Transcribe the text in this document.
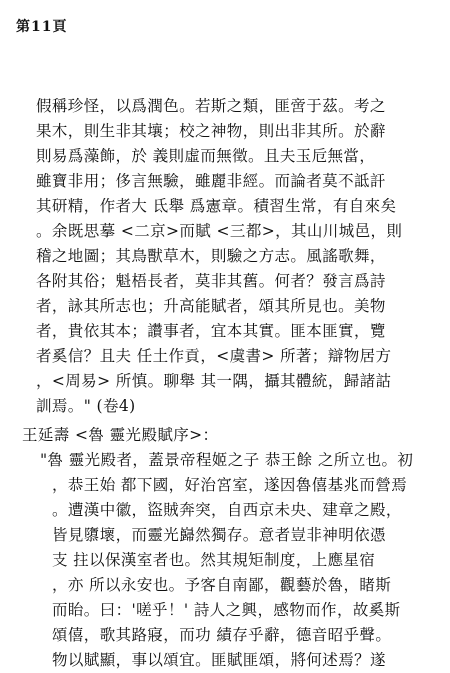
第11頁
假稱珍怪，以爲潤色。若斯之類，匪啻于茲。考之
果木，則生非其壤；校之神物，則出非其所。於辭
則易爲藻飾，於 義則虛而無徵。且夫玉卮無當，
雖寶非用；侈言無驗，雖麗非經。而論者莫不詆訐
其研精，作者大 氐舉 爲憲章。積習生常，有自來矣
。余既思摹 <二京>而賦 <三都>，其山川城邑，則
稽之地圖；其鳥獸草木，則驗之方志。風謠歌舞，
各附其俗；魁梧長者，莫非其舊。何者？發言爲詩
者，詠其所志也；升高能賦者，頌其所見也。美物
者，貴依其本；讚事者，宜本其實。匪本匪實，覽
者奚信？且夫 任土作貢，<虞書> 所著；辯物居方
，<周易> 所慎。聊舉 其一隅，攝其體統，歸諸詁
訓焉。" (卷4)
王延壽 <魯 靈光殿賦序>：
"魯 靈光殿者，蓋景帝程姬之子 恭王餘 之所立也。初
，恭王始 都下國，好治宮室，遂因魯僖基兆而營焉
。遭漢中徽，盜賊奔突，自西京未央、建章之殿，
皆見隳壞，而靈光巋然獨存。意者豈非神明依憑
支 拄以保漢室者也。然其規矩制度，上應星宿
，亦 所以永安也。予客自南鄙，觀藝於魯，睹斯
而眙。曰：'嗟乎！' 詩人之興，感物而作，故奚斯
頌僖，歌其路寢，而功 績存乎辭，德音昭乎聲。
物以賦顯，事以頌宜。匪賦匪頌，將何述焉？遂
